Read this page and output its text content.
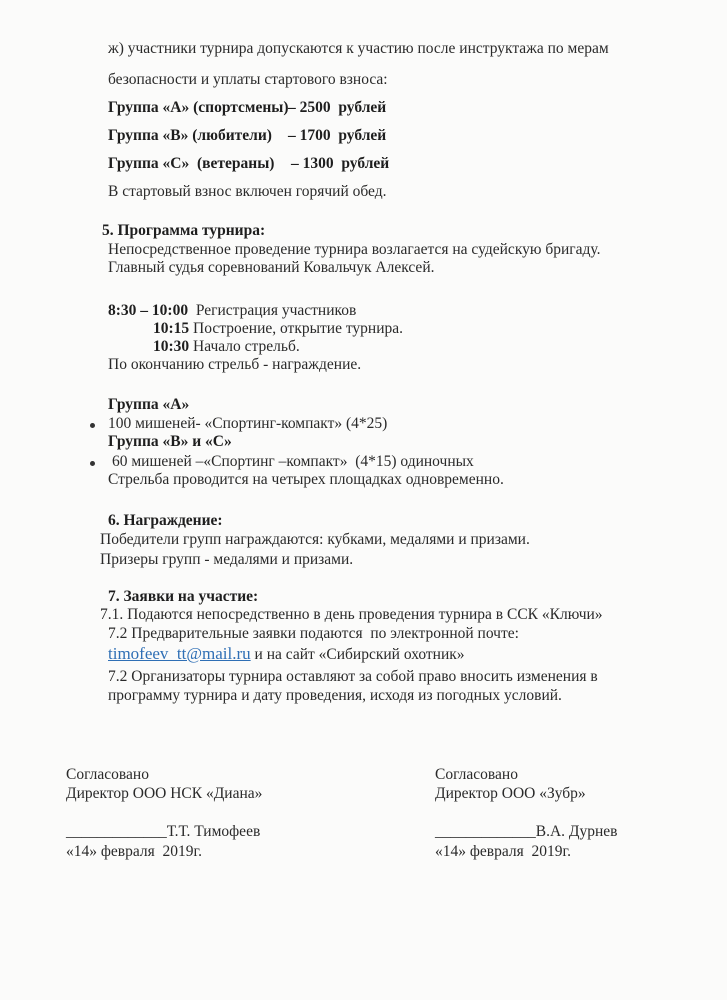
ж) участники турнира допускаются к участию после инструктажа по мерам
безопасности и уплаты стартового взноса:
Группа «А» (спортсмены) – 2500  рублей
Группа «В» (любители) – 1700  рублей
Группа «С»  (ветераны) – 1300  рублей
В стартовый взнос включен горячий обед.
5. Программа турнира:
Непосредственное проведение турнира возлагается на судейскую бригаду.
Главный судья соревнований Ковальчук Алексей.
8:30 – 10:00 Регистрация участников
10:15 Построение, открытие турнира.
10:30 Начало стрельб.
По окончанию стрельб - награждение.
Группа «А»
100 мишеней- «Спортинг-компакт» (4*25)
Группа «В» и «С»
60 мишеней –«Спортинг –компакт»  (4*15) одиночных
Стрельба проводится на четырех площадках одновременно.
6. Награждение:
Победители групп награждаются: кубками, медалями и призами.
Призеры групп - медалями и призами.
7. Заявки на участие:
7.1. Подаются непосредственно в день проведения турнира в ССК «Ключи»
7.2 Предварительные заявки подаются  по электронной почте:
timofeev_tt@mail.ru и на сайт «Сибирский охотник»
7.2 Организаторы турнира оставляют за собой право вносить изменения в
программу турнира и дату проведения, исходя из погодных условий.
Согласовано
Директор ООО НСК «Диана»
_____________Т.Т. Тимофеев
«14» февраля  2019г.
Согласовано
Директор ООО «Зубр»
_____________В.А. Дурнев
«14» февраля  2019г.
